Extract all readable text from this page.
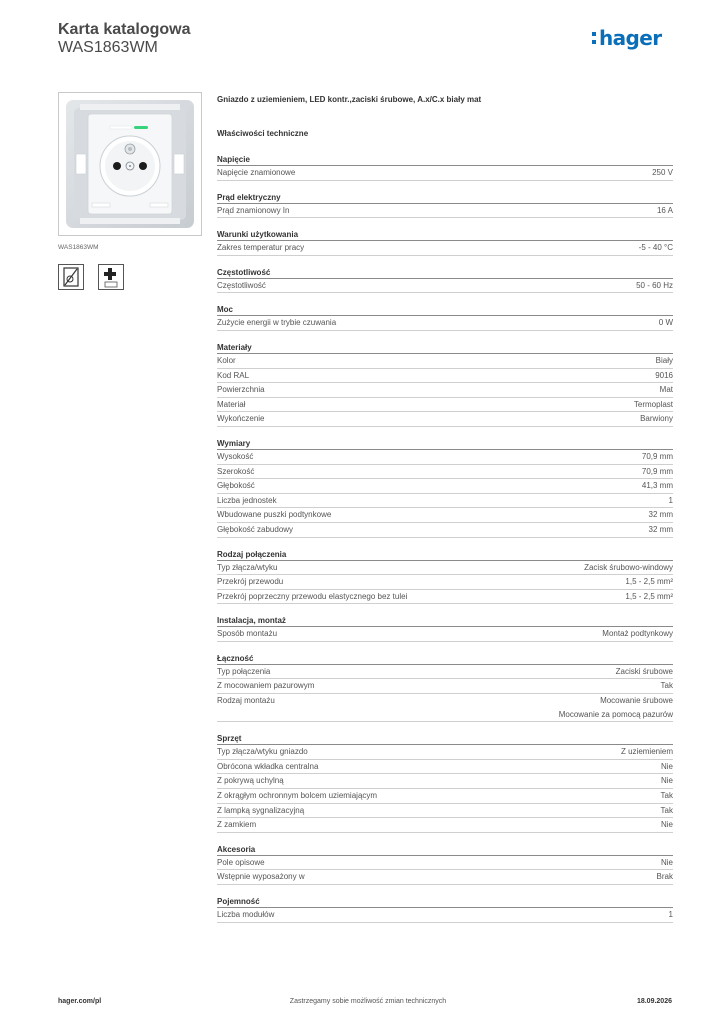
Karta katalogowa
WAS1863WM	hager
WAS1863WM
Gniazdo z uziemieniem, LED kontr.,zaciski śrubowe, A.x/C.x biały mat
Właściwości techniczne
Napięcie
Napięcie znamionowe	250 V
Prąd elektryczny
Prąd znamionowy In	16 A
Warunki użytkowania
Zakres temperatur pracy	-5 - 40 °C
Częstotliwość
Częstotliwość	50 - 60 Hz
Moc
Zużycie energii w trybie czuwania	0 W
Materiały
Kolor	Biały
Kod RAL	9016
Powierzchnia	Mat
Materiał	Termoplast
Wykończenie	Barwiony
Wymiary
Wysokość	70,9 mm
Szerokość	70,9 mm
Głębokość	41,3 mm
Liczba jednostek	1
Wbudowane puszki podtynkowe	32 mm
Głębokość zabudowy	32 mm
Rodzaj połączenia
Typ złącza/wtyku	Zacisk śrubowo-windowy
Przekrój przewodu	1,5 - 2,5 mm²
Przekrój poprzeczny przewodu elastycznego bez tulei	1,5 - 2,5 mm²
Instalacja, montaż
Sposób montażu	Montaż podtynkowy
Łączność
Typ połączenia	Zaciski śrubowe
Z mocowaniem pazurowym	Tak
Rodzaj montażu	Mocowanie śrubowe
Mocowanie za pomocą pazurów
Sprzęt
Typ złącza/wtyku gniazdo	Z uziemieniem
Obrócona wkładka centralna	Nie
Z pokrywą uchylną	Nie
Z okrągłym ochronnym bolcem uziemiającym	Tak
Z lampką sygnalizacyjną	Tak
Z zamkiem	Nie
Akcesoria
Pole opisowe	Nie
Wstępnie wyposażony w	Brak
Pojemność
Liczba modułów	1
hager.com/pl	Zastrzegamy sobie możliwość zmian technicznych	18.09.2026
